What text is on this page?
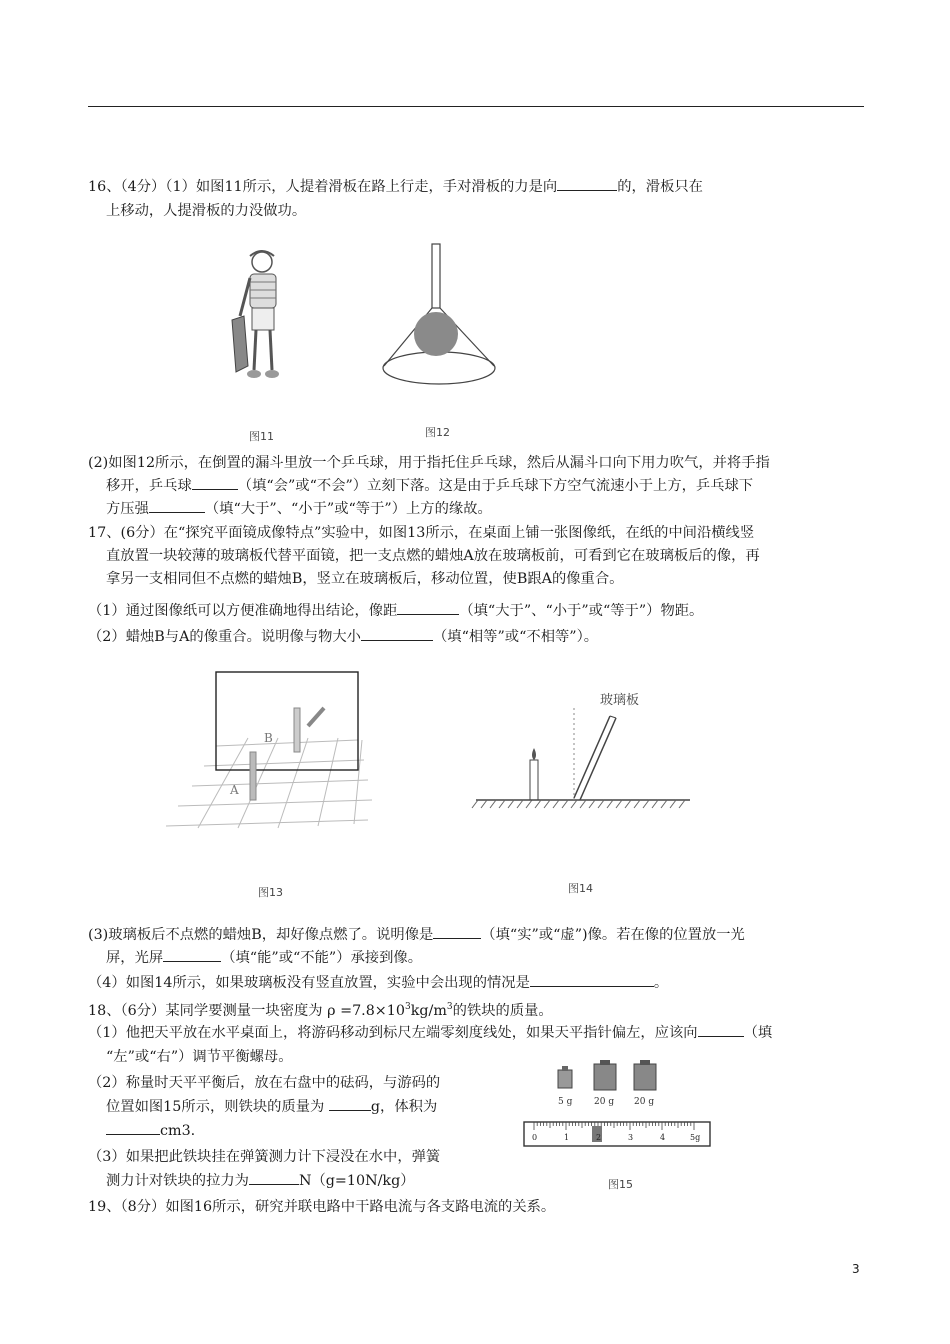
16、（4分）（1）如图11所示，人提着滑板在路上行走，手对滑板的力是向	的，滑板只在
上移动，人提滑板的力没做功。
图11	图12
(2)如图12所示，在倒置的漏斗里放一个乒乓球，用于指托住乒乓球，然后从漏斗口向下用力吹气，并将手指
移开，乒乓球	（填“会”或“不会”）立刻下落。这是由于乒乓球下方空气流速小于上方，乒乓球下
方压强	（填“大于”、“小于”或“等于”）上方的缘故。
17、(6分）在“探究平面镜成像特点”实验中，如图13所示，在桌面上铺一张图像纸，在纸的中间沿横线竖
直放置一块较薄的玻璃板代替平面镜，把一支点燃的蜡烛A放在玻璃板前，可看到它在玻璃板后的像，再
拿另一支相同但不点燃的蜡烛B，竖立在玻璃板后，移动位置，使B跟A的像重合。
（1）通过图像纸可以方便准确地得出结论，像距	（填“大于”、“小于”或“等于”）物距。
（2）蜡烛B与A的像重合。说明像与物大小	（填“相等”或“不相等”）。
A
B
图13
玻璃板
图14
(3)玻璃板后不点燃的蜡烛B，却好像点燃了。说明像是	（填“实”或“虚”)像。若在像的位置放一光
屏，光屏	（填“能”或“不能”）承接到像。
（4）如图14所示，如果玻璃板没有竖直放置，实验中会出现的情况是	。
18、（6分）某同学要测量一块密度为 $\rho =7.8\times 10^3kg/m^3$的铁块的质量。
（1）他把天平放在水平桌面上，将游码移动到标尺左端零刻度线处，如果天平指针偏左，应该向	（填
“左”或“右”）调节平衡螺母。
（2）称量时天平平衡后，放在右盘中的砝码，与游码的
位置如图15所示，则铁块的质量为	g，体积为
cm3.
（3）如果把此铁块挂在弹簧测力计下浸没在水中，弹簧
测力计对铁块的拉力为	N（g=10N/kg）
5 g 20 g 20 g
0	1	2	3	4	5g
图15
19、（8分）如图16所示，研究并联电路中干路电流与各支路电流的关系。
3
